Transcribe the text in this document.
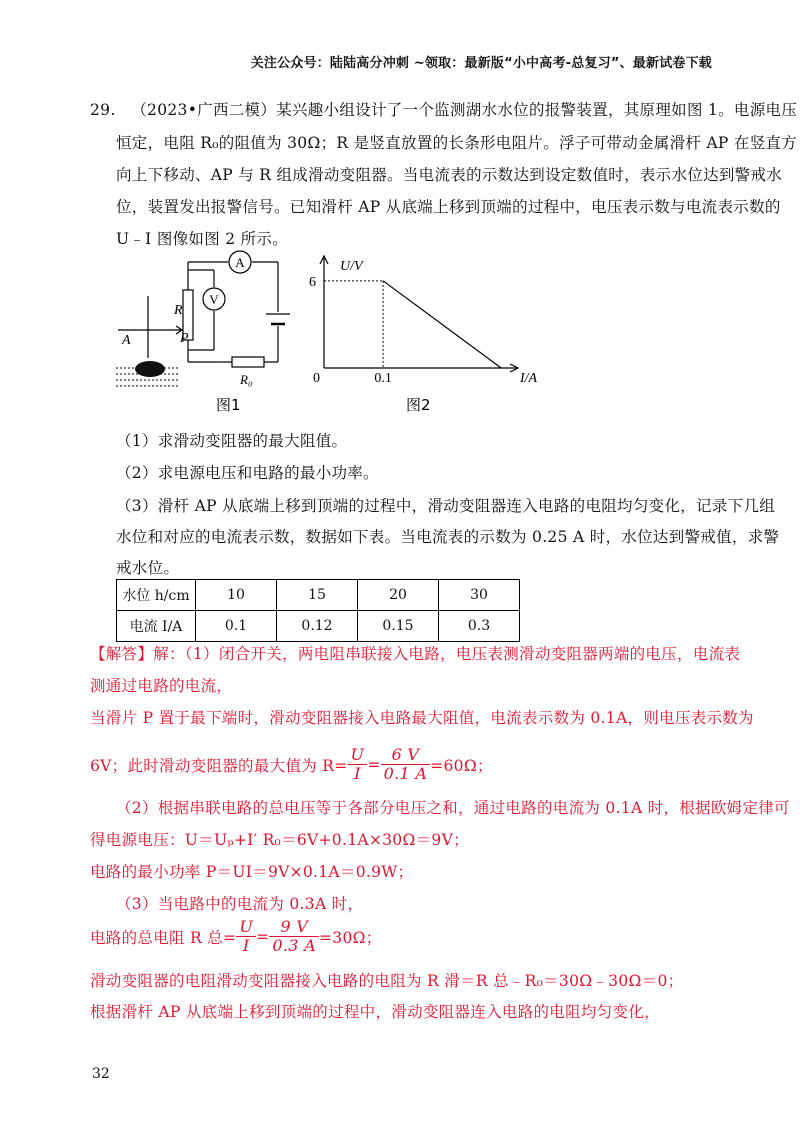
关注公众号：陆陆高分冲刺 ~领取：最新版“小中高考-总复习”、最新试卷下载
29. （2023•广西二模）某兴趣小组设计了一个监测湖水水位的报警装置，其原理如图 1。电源电压
恒定，电阻 R₀的阻值为 30Ω；R 是竖直放置的长条形电阻片。浮子可带动金属滑杆 AP 在竖直方
向上下移动、AP 与 R 组成滑动变阻器。当电流表的示数达到设定数值时，表示水位达到警戒水
位，装置发出报警信号。已知滑杆 AP 从底端上移到顶端的过程中，电压表示数与电流表示数的
U﹣I 图像如图 2 所示。
A
V
R
P
A
R₀
图1
U/V
I/A
0
6
0.1
图2
（1）求滑动变阻器的最大阻值。
（2）求电源电压和电路的最小功率。
（3）滑杆 AP 从底端上移到顶端的过程中，滑动变阻器连入电路的电阻均匀变化，记录下几组
水位和对应的电流表示数，数据如下表。当电流表的示数为 0.25 A 时，水位达到警戒值，求警
戒水位。
水位 h/cm	10	15	20	30
电流 I/A	0.1	0.12	0.15	0.3
【解答】解：（1）闭合开关，两电阻串联接入电路，电压表测滑动变阻器两端的电压，电流表
测通过电路的电流，
当滑片 P 置于最下端时，滑动变阻器接入电路最大阻值，电流表示数为 0.1A，则电压表示数为
6V；此时滑动变阻器的最大值为 $R= \frac{U}{I} = \frac{6 V}{0.1 A} =60\Omega$；
（2）根据串联电路的总电压等于各部分电压之和，通过电路的电流为 0.1A 时，根据欧姆定律可
得电源电压：U＝Uₚ+I′ R₀＝6V+0.1A×30Ω＝9V；
电路的最小功率 P＝UI＝9V×0.1A＝0.9W；
（3）当电路中的电流为 0.3A 时，
电路的总电阻 R 总= $\frac{U}{I} = \frac{9 V}{0.3 A} =30\Omega$；
滑动变阻器的电阻滑动变阻器接入电路的电阻为 R 滑＝R 总﹣R₀＝30Ω﹣30Ω＝0；
根据滑杆 AP 从底端上移到顶端的过程中，滑动变阻器连入电路的电阻均匀变化，
32
